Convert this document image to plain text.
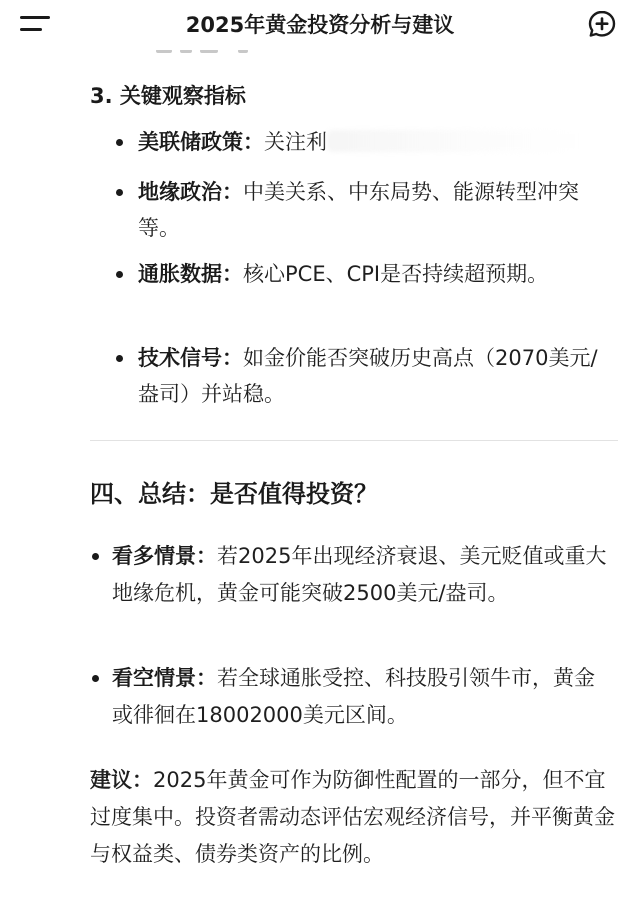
3. 关键观察指标
美联储政策：关注利
地缘政治：中美关系、中东局势、能源转型冲突等。
通胀数据：核心PCE、CPI是否持续超预期。
技术信号：如金价能否突破历史高点（2070美元/盎司）并站稳。
四、总结：是否值得投资？
看多情景：若2025年出现经济衰退、美元贬值或重大地缘危机，黄金可能突破2500美元/盎司。
看空情景：若全球通胀受控、科技股引领牛市，黄金或徘徊在18002000美元区间。
建议：2025年黄金可作为防御性配置的一部分，但不宜过度集中。投资者需动态评估宏观经济信号，并平衡黄金与权益类、债券类资产的比例。
2025年黄金投资分析与建议
